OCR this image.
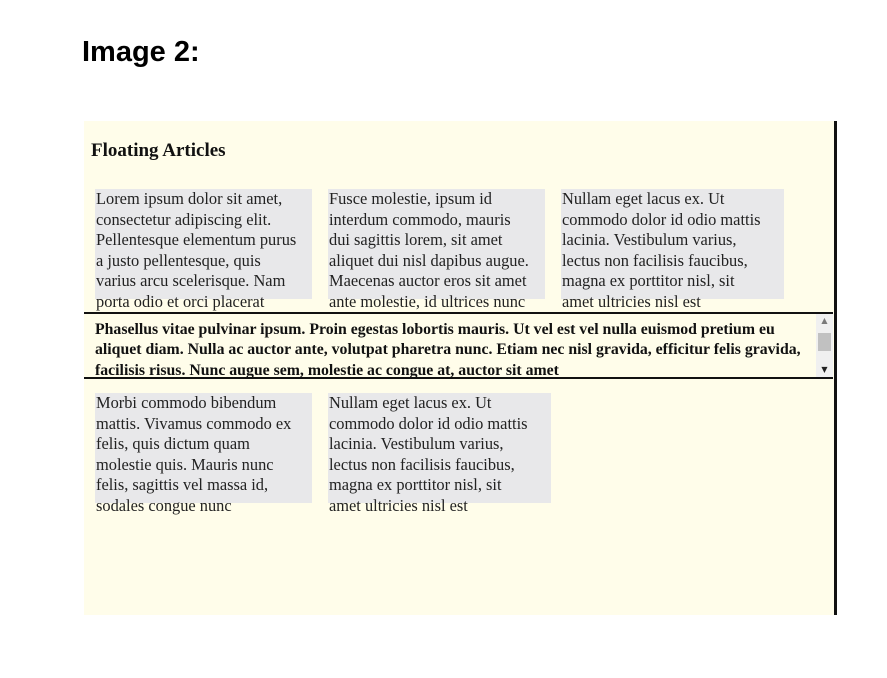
Image 2:
Floating Articles
Lorem ipsum dolor sit amet,
consectetur adipiscing elit.
Pellentesque elementum purus
a justo pellentesque, quis
varius arcu scelerisque. Nam
porta odio et orci placerat
Fusce molestie, ipsum id
interdum commodo, mauris
dui sagittis lorem, sit amet
aliquet dui nisl dapibus augue.
Maecenas auctor eros sit amet
ante molestie, id ultrices nunc
Nullam eget lacus ex. Ut
commodo dolor id odio mattis
lacinia. Vestibulum varius,
lectus non facilisis faucibus,
magna ex porttitor nisl, sit
amet ultricies nisl est
Phasellus vitae pulvinar ipsum. Proin egestas lobortis mauris. Ut vel est vel nulla euismod pretium eu aliquet diam. Nulla ac auctor ante, volutpat pharetra nunc. Etiam nec nisl gravida, efficitur felis gravida, facilisis risus. Nunc augue sem, molestie ac congue at, auctor sit amet
▲
▼
Morbi commodo bibendum
mattis. Vivamus commodo ex
felis, quis dictum quam
molestie quis. Mauris nunc
felis, sagittis vel massa id,
sodales congue nunc
Nullam eget lacus ex. Ut
commodo dolor id odio mattis
lacinia. Vestibulum varius,
lectus non facilisis faucibus,
magna ex porttitor nisl, sit
amet ultricies nisl est
